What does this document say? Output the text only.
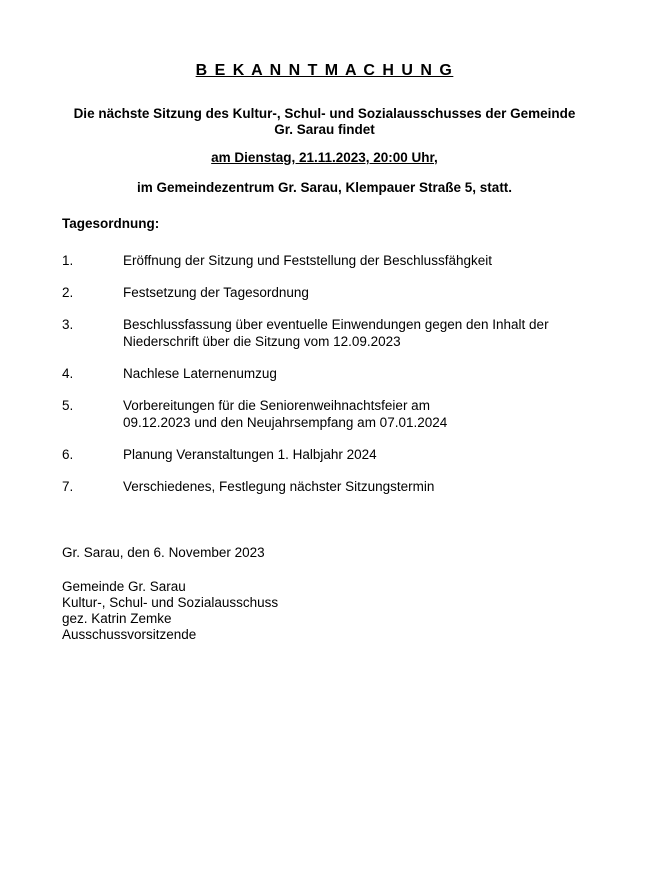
B E K A N N T M A C H U N G
Die nächste Sitzung des Kultur-, Schul- und Sozialausschusses der Gemeinde
Gr. Sarau findet
am Dienstag, 21.11.2023, 20:00 Uhr,
im Gemeindezentrum Gr. Sarau, Klempauer Straße 5, statt.
Tagesordnung:
1.	Eröffnung der Sitzung und Feststellung der Beschlussfähgkeit
2.	Festsetzung der Tagesordnung
3.	Beschlussfassung über eventuelle Einwendungen gegen den Inhalt der
Niederschrift über die Sitzung vom 12.09.2023
4.	Nachlese Laternenumzug
5.	Vorbereitungen für die Seniorenweihnachtsfeier am
09.12.2023 und den Neujahrsempfang am 07.01.2024
6.	Planung Veranstaltungen 1. Halbjahr 2024
7.	Verschiedenes, Festlegung nächster Sitzungstermin
Gr. Sarau, den 6. November 2023
Gemeinde Gr. Sarau
Kultur-, Schul- und Sozialausschuss
gez. Katrin Zemke
Ausschussvorsitzende
